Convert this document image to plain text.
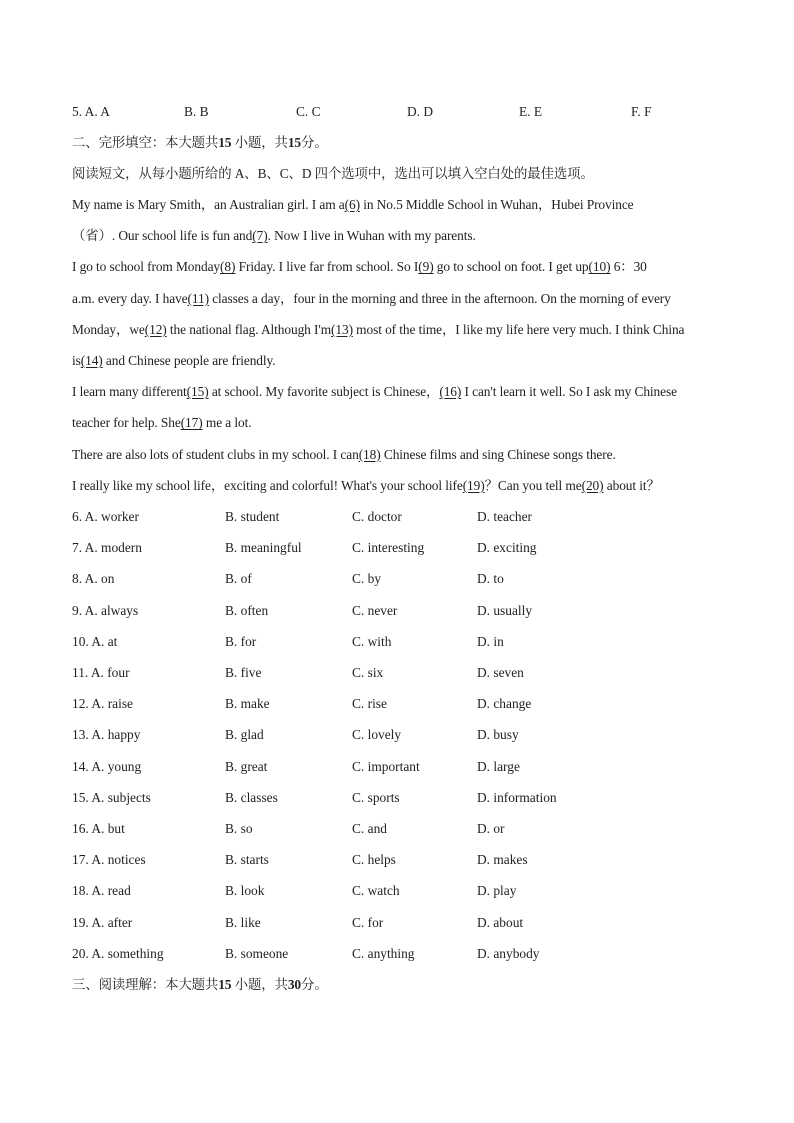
5. A. A	B. B	C. C	D. D	E. E	F. F
二、完形填空：本大题共15 小题，共15分。
阅读短文，从每小题所给的 A、B、C、D 四个选项中，选出可以填入空白处的最佳选项。
My name is Mary Smith，an Australian girl. I am a(6) in No.5 Middle School in Wuhan，Hubei Province
（省）. Our school life is fun and(7). Now I live in Wuhan with my parents.
I go to school from Monday(8) Friday. I live far from school. So I(9) go to school on foot. I get up(10) 6：30
a.m. every day. I have(11) classes a day，four in the morning and three in the afternoon. On the morning of every
Monday，we(12) the national flag. Although I'm(13) most of the time，I like my life here very much. I think China
is(14) and Chinese people are friendly.
I learn many different(15) at school. My favorite subject is Chinese，(16) I can't learn it well. So I ask my Chinese
teacher for help. She(17) me a lot.
There are also lots of student clubs in my school. I can(18) Chinese films and sing Chinese songs there.
I really like my school life，exciting and colorful! What's your school life(19)？Can you tell me(20) about it？
6. A. worker	B. student	C. doctor	D. teacher
7. A. modern	B. meaningful	C. interesting	D. exciting
8. A. on	B. of	C. by	D. to
9. A. always	B. often	C. never	D. usually
10. A. at	B. for	C. with	D. in
11. A. four	B. five	C. six	D. seven
12. A. raise	B. make	C. rise	D. change
13. A. happy	B. glad	C. lovely	D. busy
14. A. young	B. great	C. important	D. large
15. A. subjects	B. classes	C. sports	D. information
16. A. but	B. so	C. and	D. or
17. A. notices	B. starts	C. helps	D. makes
18. A. read	B. look	C. watch	D. play
19. A. after	B. like	C. for	D. about
20. A. something	B. someone	C. anything	D. anybody
三、阅读理解：本大题共15 小题，共30分。
